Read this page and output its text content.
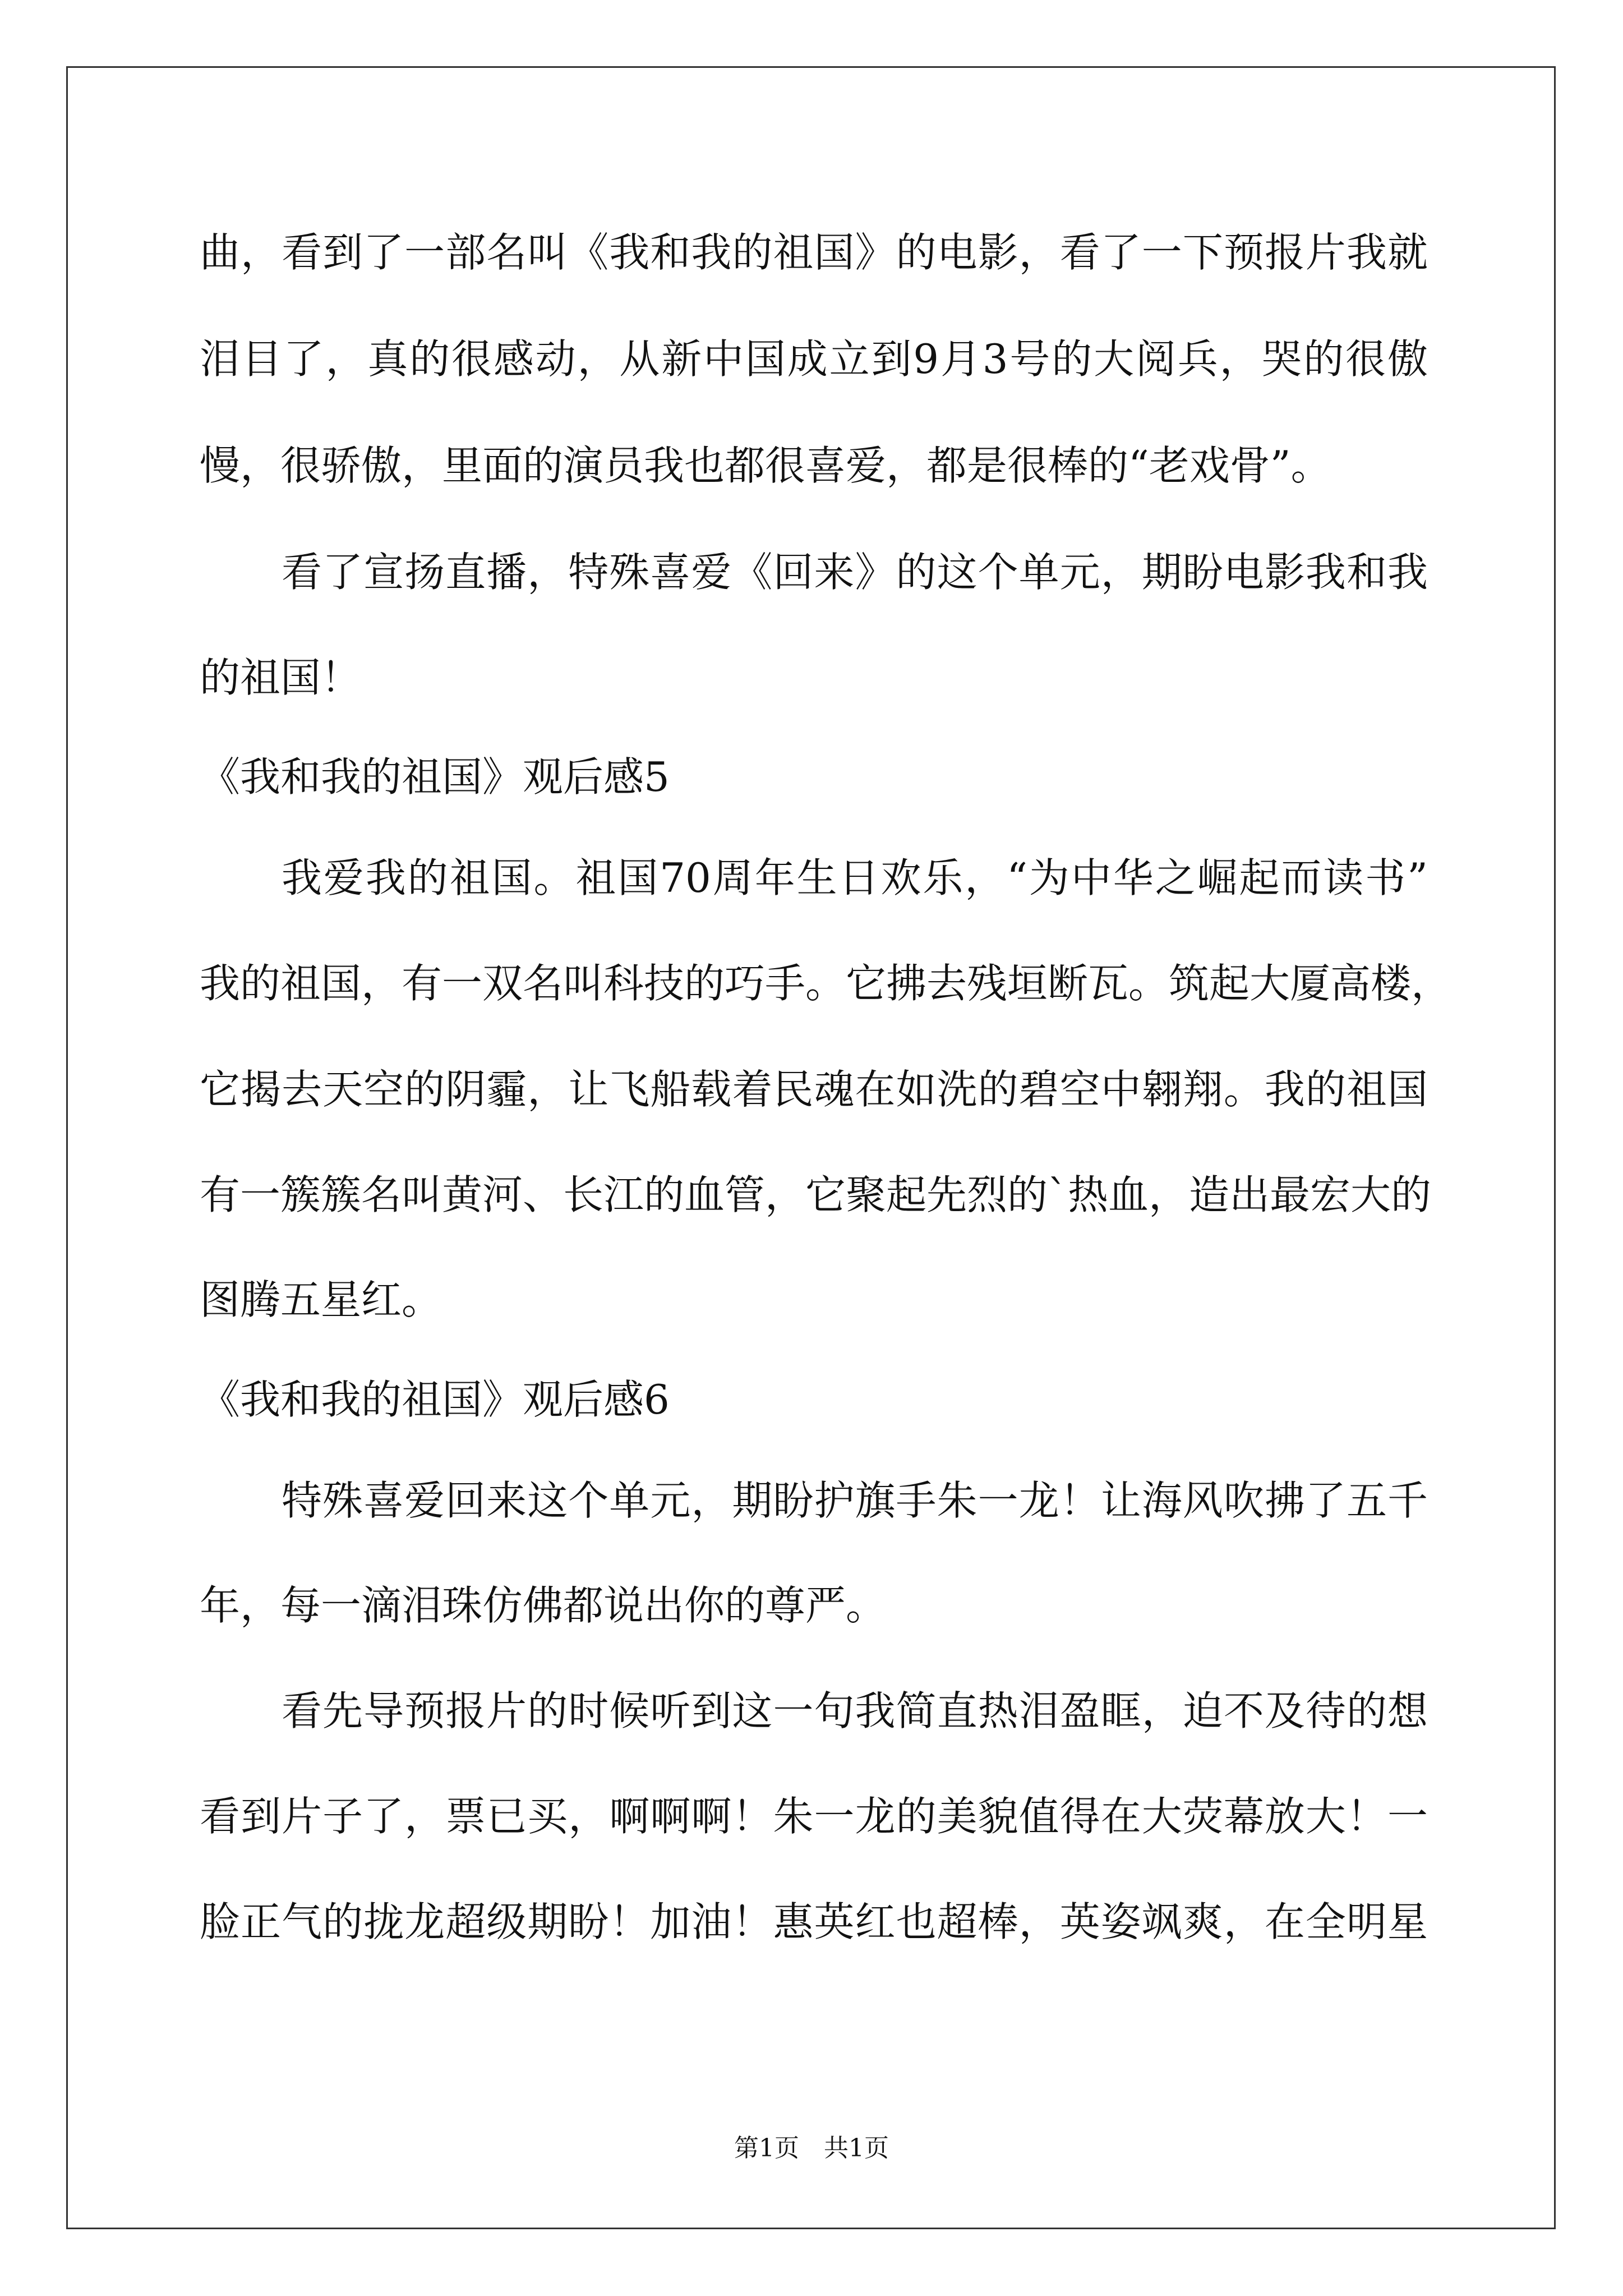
曲，看到了一部名叫《我和我的祖国》的电影，看了一下预报片我就
泪目了，真的很感动，从新中国成立到9月3号的大阅兵，哭的很傲
慢，很骄傲，里面的演员我也都很喜爱，都是很棒的“老戏骨”。
看了宣扬直播，特殊喜爱《回来》的这个单元，期盼电影我和我
的祖国！
《我和我的祖国》观后感5
我爱我的祖国。祖国70周年生日欢乐，“为中华之崛起而读书”
我的祖国，有一双名叫科技的巧手。它拂去残垣断瓦。筑起大厦高楼，
它揭去天空的阴霾，让飞船载着民魂在如洗的碧空中翱翔。我的祖国
有一簇簇名叫黄河、长江的血管，它聚起先烈的`热血，造出最宏大的
图腾五星红。
《我和我的祖国》观后感6
特殊喜爱回来这个单元，期盼护旗手朱一龙！让海风吹拂了五千
年，每一滴泪珠仿佛都说出你的尊严。
看先导预报片的时候听到这一句我简直热泪盈眶，迫不及待的想
看到片子了，票已买，啊啊啊！朱一龙的美貌值得在大荧幕放大！一
脸正气的拢龙超级期盼！加油！惠英红也超棒，英姿飒爽，在全明星
第1页　共1页
